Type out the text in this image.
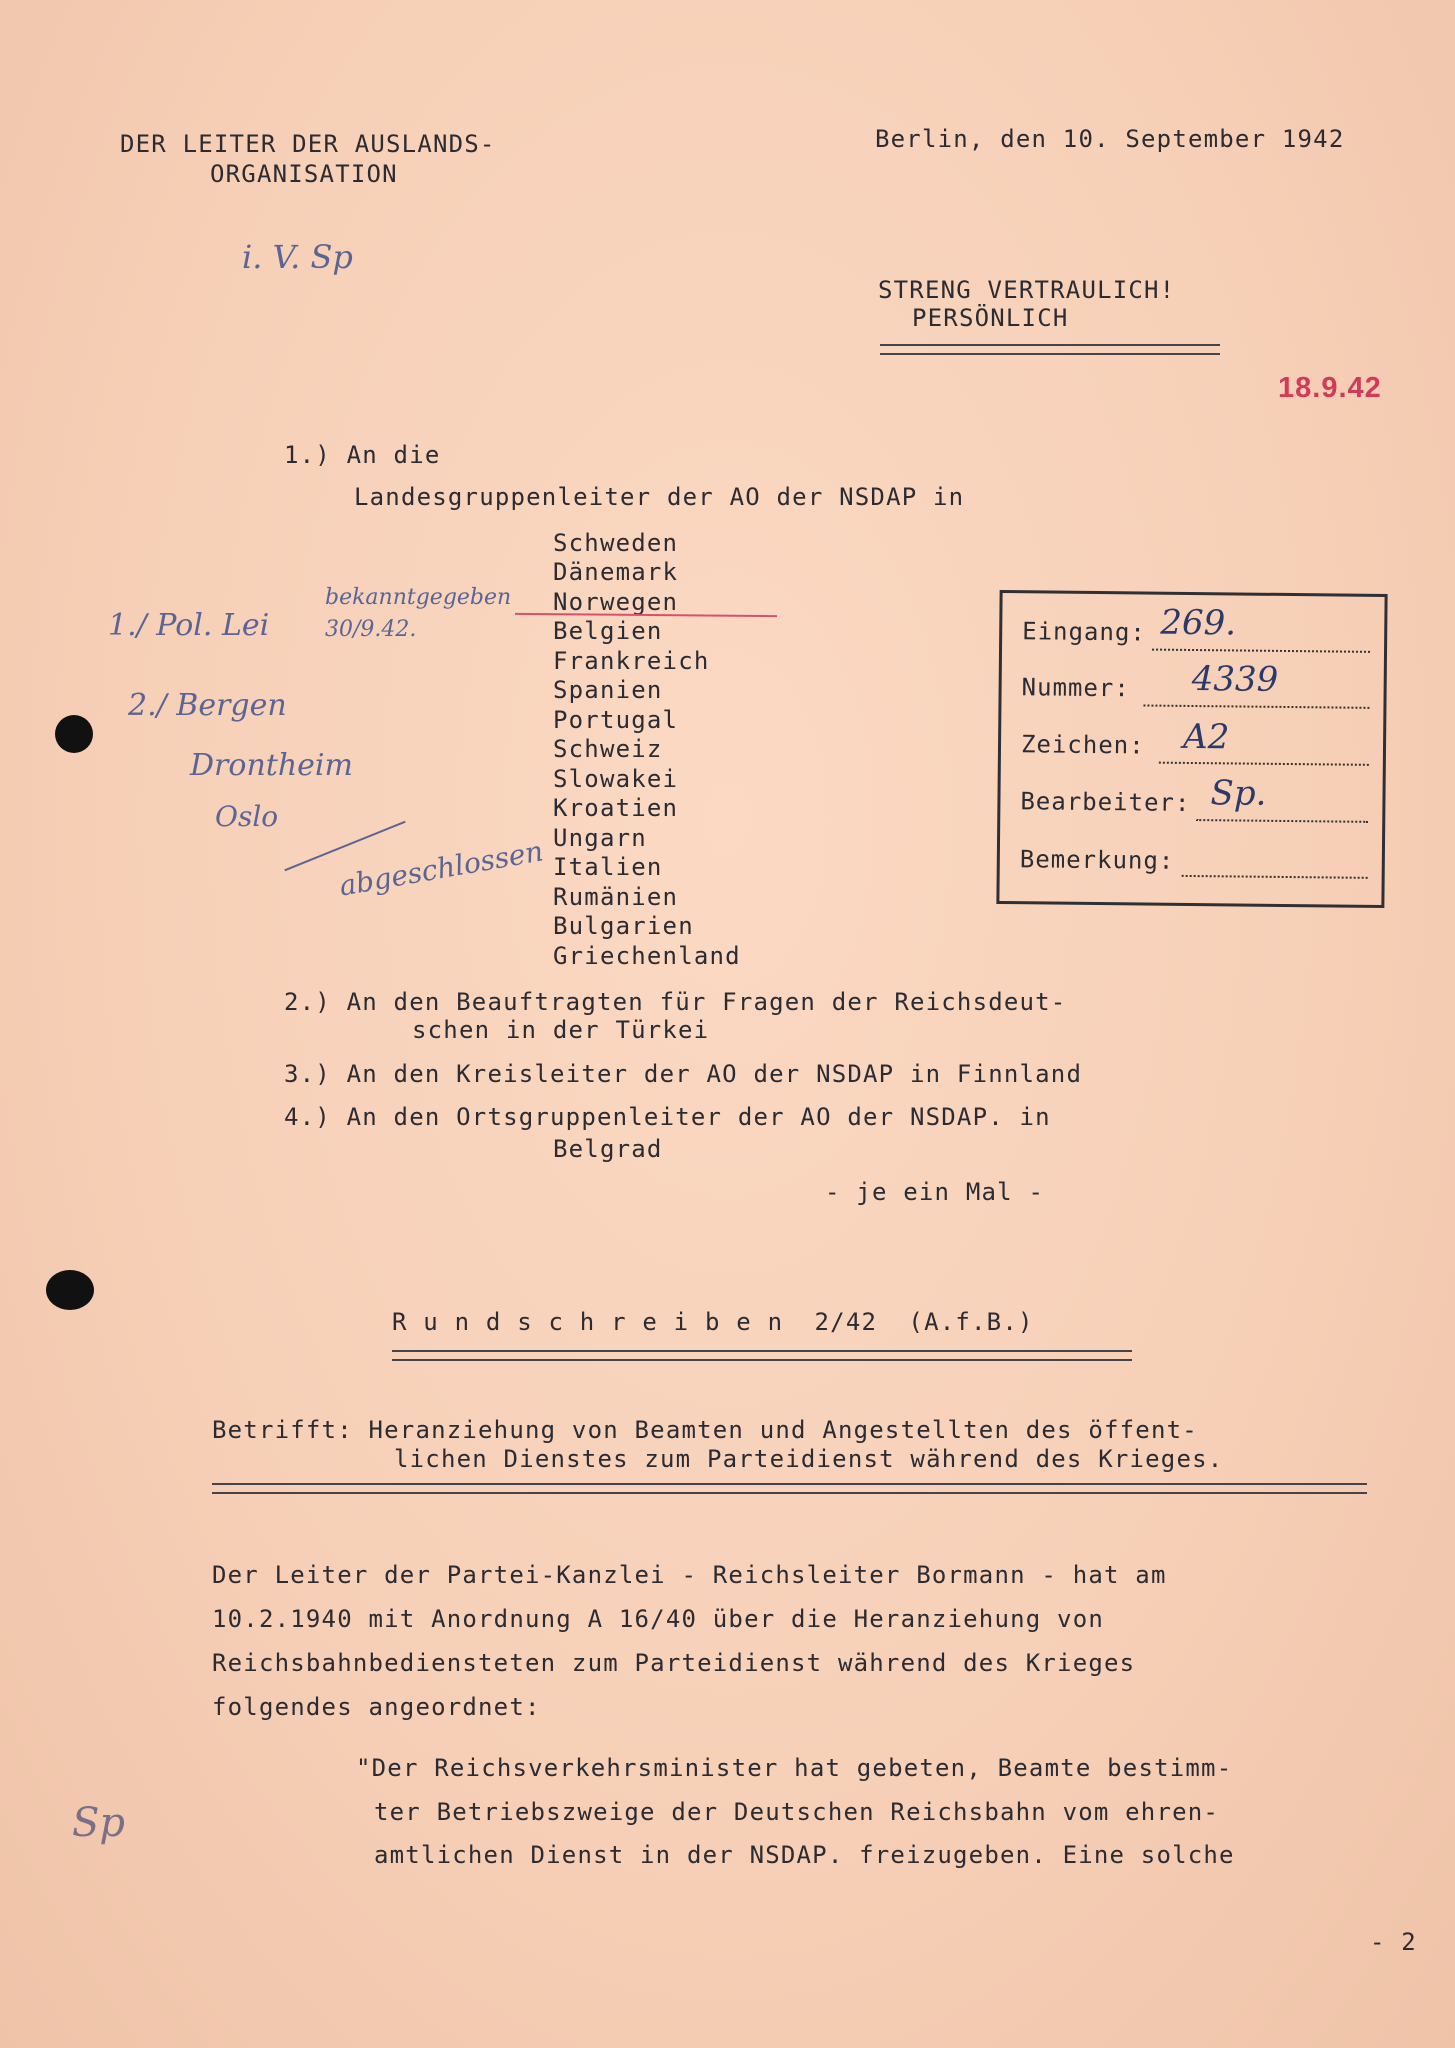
DER LEITER DER AUSLANDS-
ORGANISATION
Berlin, den 10. September 1942
STRENG VERTRAULICH!
PERSÖNLICH
18.9.42
i. V. Sp
1.) An die
Landesgruppenleiter der AO der NSDAP in
Schweden
Dänemark
Norwegen
Belgien
Frankreich
Spanien
Portugal
Schweiz
Slowakei
Kroatien
Ungarn
Italien
Rumänien
Bulgarien
Griechenland
1./ Pol. Lei
bekanntgegeben 30/9.42.
2./ Bergen
Drontheim
Oslo
abgeschlossen
Eingang: 269.
Nummer: 4339
Zeichen: A2
Bearbeiter: Sp.
Bemerkung:
2.) An den Beauftragten für Fragen der Reichsdeut-
schen in der Türkei
3.) An den Kreisleiter der AO der NSDAP in Finnland
4.) An den Ortsgruppenleiter der AO der NSDAP. in
Belgrad
- je ein Mal -
R u n d s c h r e i b e n  2/42  (A.f.B.)
Betrifft: Heranziehung von Beamten und Angestellten des öffent-
lichen Dienstes zum Parteidienst während des Krieges.
Der Leiter der Partei-Kanzlei - Reichsleiter Bormann - hat am
10.2.1940 mit Anordnung A 16/40 über die Heranziehung von
Reichsbahnbediensteten zum Parteidienst während des Krieges
folgendes angeordnet:
"Der Reichsverkehrsminister hat gebeten, Beamte bestimm-
ter Betriebszweige der Deutschen Reichsbahn vom ehren-
amtlichen Dienst in der NSDAP. freizugeben. Eine solche
Sp
- 2
